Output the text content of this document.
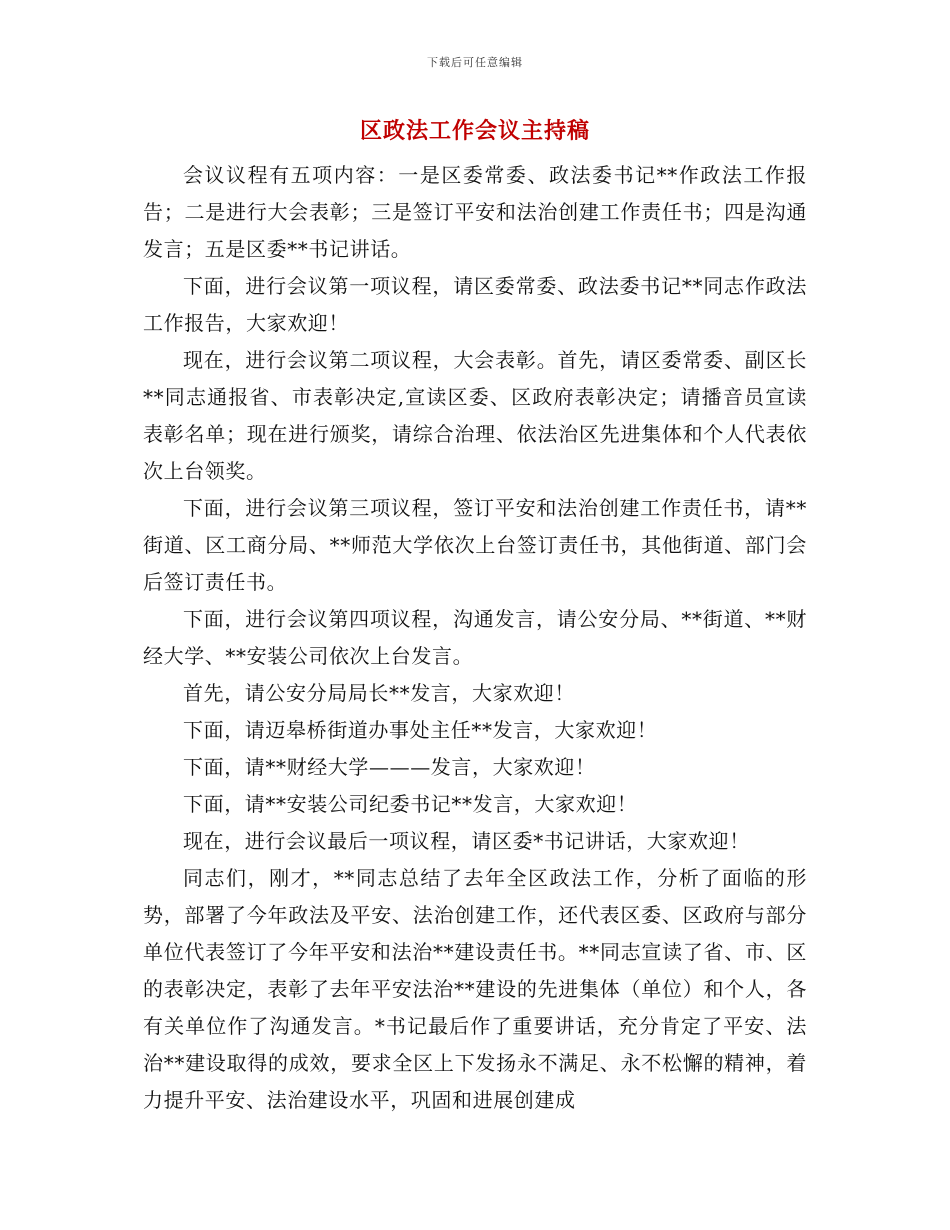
下载后可任意编辑
区政法工作会议主持稿

会议议程有五项内容：一是区委常委、政法委书记**作政法工作报告；二是进行大会表彰；三是签订平安和法治创建工作责任书；四是沟通发言；五是区委**书记讲话。

下面，进行会议第一项议程，请区委常委、政法委书记**同志作政法工作报告，大家欢迎！

现在，进行会议第二项议程，大会表彰。首先，请区委常委、副区长**同志通报省、市表彰决定,宣读区委、区政府表彰决定；请播音员宣读表彰名单；现在进行颁奖，请综合治理、依法治区先进集体和个人代表依次上台领奖。

下面，进行会议第三项议程，签订平安和法治创建工作责任书，请**街道、区工商分局、**师范大学依次上台签订责任书，其他街道、部门会后签订责任书。

下面，进行会议第四项议程，沟通发言，请公安分局、**街道、**财经大学、**安装公司依次上台发言。

首先，请公安分局局长**发言，大家欢迎！

下面，请迈皋桥街道办事处主任**发言，大家欢迎！

下面，请**财经大学———发言，大家欢迎！

下面，请**安装公司纪委书记**发言，大家欢迎！

现在，进行会议最后一项议程，请区委*书记讲话，大家欢迎！

同志们，刚才，**同志总结了去年全区政法工作，分析了面临的形势，部署了今年政法及平安、法治创建工作，还代表区委、区政府与部分单位代表签订了今年平安和法治**建设责任书。**同志宣读了省、市、区的表彰决定，表彰了去年平安法治**建设的先进集体（单位）和个人，各有关单位作了沟通发言。*书记最后作了重要讲话，充分肯定了平安、法治**建设取得的成效，要求全区上下发扬永不满足、永不松懈的精神，着力提升平安、法治建设水平，巩固和进展创建成
